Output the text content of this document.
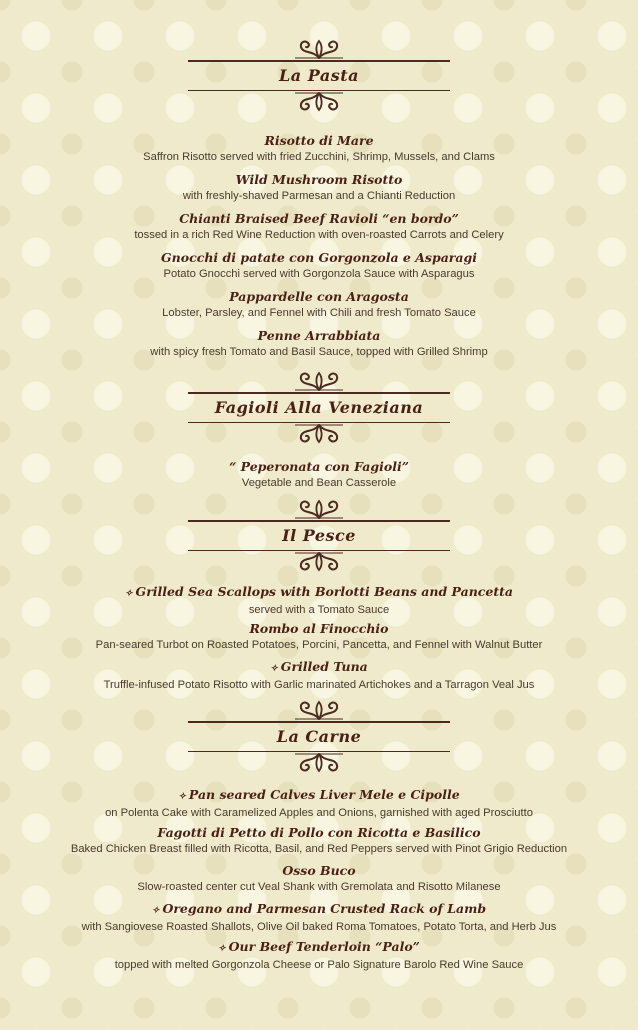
La Pasta
Risotto di Mare
Saffron Risotto served with fried Zucchini, Shrimp, Mussels, and Clams
Wild Mushroom Risotto
with freshly-shaved Parmesan and a Chianti Reduction
Chianti Braised Beef Ravioli “en bordo”
tossed in a rich Red Wine Reduction with oven-roasted Carrots and Celery
Gnocchi di patate con Gorgonzola e Asparagi
Potato Gnocchi served with Gorgonzola Sauce with Asparagus
Pappardelle con Aragosta
Lobster, Parsley, and Fennel with Chili and fresh Tomato Sauce
Penne Arrabbiata
with spicy fresh Tomato and Basil Sauce, topped with Grilled Shrimp
Fagioli Alla Veneziana
“ Peperonata con Fagioli”
Vegetable and Bean Casserole
Il Pesce
✧ Grilled Sea Scallops with Borlotti Beans and Pancetta
served with a Tomato Sauce
Rombo al Finocchio
Pan-seared Turbot on Roasted Potatoes, Porcini, Pancetta, and Fennel with Walnut Butter
✧ Grilled Tuna
Truffle-infused Potato Risotto with Garlic marinated Artichokes and a Tarragon Veal Jus
La Carne
✧ Pan seared Calves Liver Mele e Cipolle
on Polenta Cake with Caramelized Apples and Onions, garnished with aged Prosciutto
Fagotti di Petto di Pollo con Ricotta e Basilico
Baked Chicken Breast filled with Ricotta, Basil, and Red Peppers served with Pinot Grigio Reduction
Osso Buco
Slow-roasted center cut Veal Shank with Gremolata and Risotto Milanese
✧ Oregano and Parmesan Crusted Rack of Lamb
with Sangiovese Roasted Shallots, Olive Oil baked Roma Tomatoes, Potato Torta, and Herb Jus
✧ Our Beef Tenderloin “Palo”
topped with melted Gorgonzola Cheese or Palo Signature Barolo Red Wine Sauce
